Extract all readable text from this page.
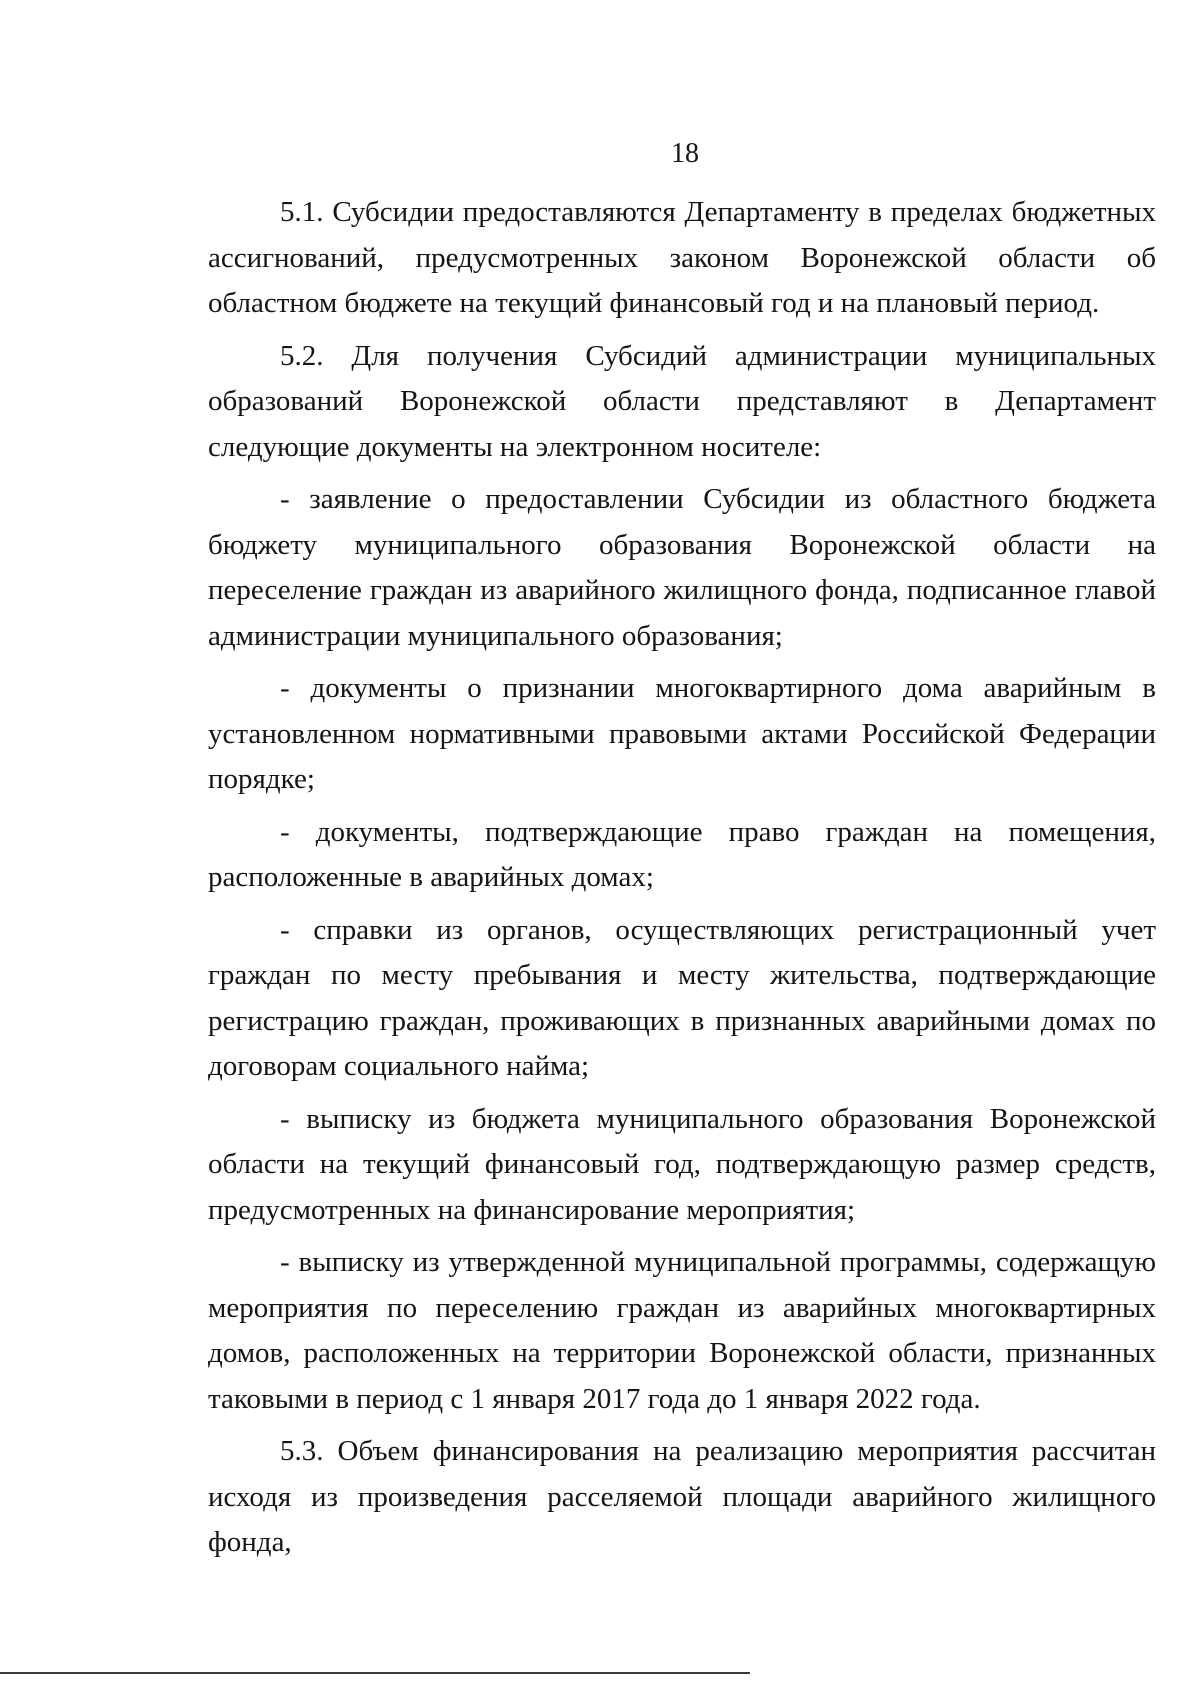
18

5.1. Субсидии предоставляются Департаменту в пределах бюджетных ассигнований, предусмотренных законом Воронежской области об областном бюджете на текущий финансовый год и на плановый период.

5.2. Для получения Субсидий администрации муниципальных образований Воронежской области представляют в Департамент следующие документы на электронном носителе:

- заявление о предоставлении Субсидии из областного бюджета бюджету муниципального образования Воронежской области на переселение граждан из аварийного жилищного фонда, подписанное главой администрации муниципального образования;

- документы о признании многоквартирного дома аварийным в установленном нормативными правовыми актами Российской Федерации порядке;

- документы, подтверждающие право граждан на помещения, расположенные в аварийных домах;

- справки из органов, осуществляющих регистрационный учет граждан по месту пребывания и месту жительства, подтверждающие регистрацию граждан, проживающих в признанных аварийными домах по договорам социального найма;

- выписку из бюджета муниципального образования Воронежской области на текущий финансовый год, подтверждающую размер средств, предусмотренных на финансирование мероприятия;

- выписку из утвержденной муниципальной программы, содержащую мероприятия по переселению граждан из аварийных многоквартирных домов, расположенных на территории Воронежской области, признанных таковыми в период с 1 января 2017 года до 1 января 2022 года.

5.3. Объем финансирования на реализацию мероприятия рассчитан исходя из произведения расселяемой площади аварийного жилищного фонда,
